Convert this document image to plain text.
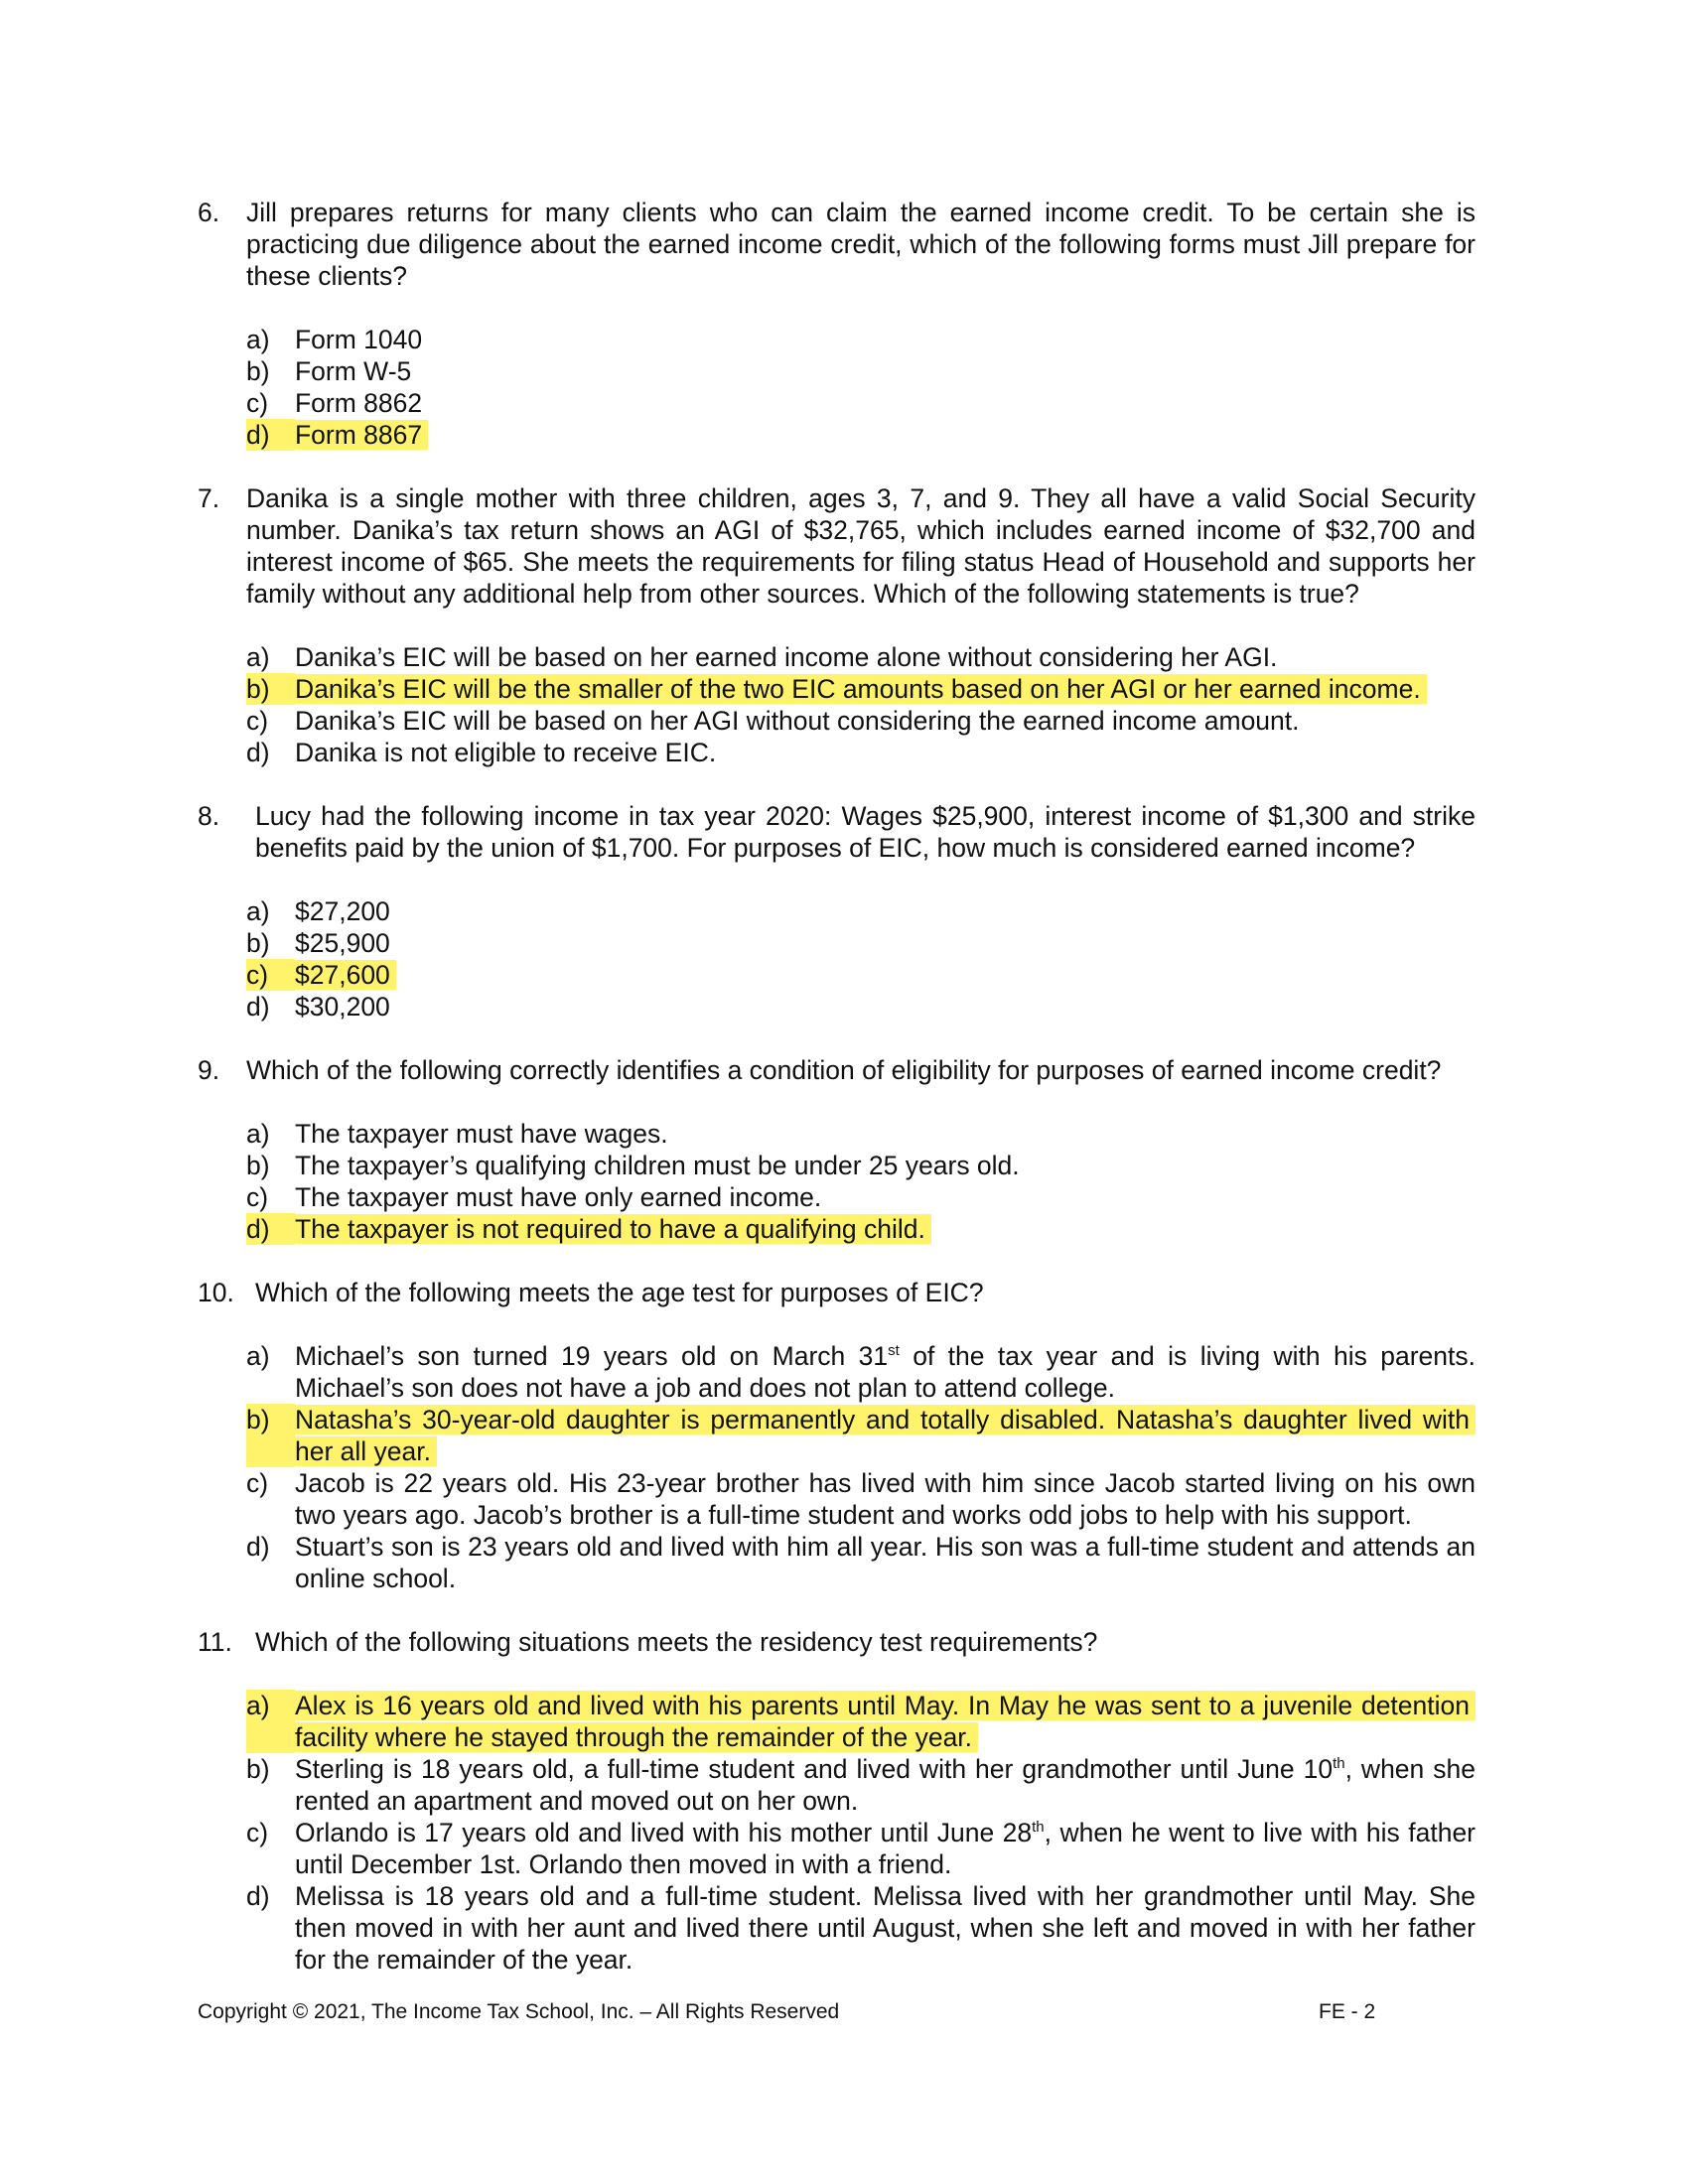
6.	Jill prepares returns for many clients who can claim the earned income credit. To be certain she is practicing due diligence about the earned income credit, which of the following forms must Jill prepare for these clients?
a) Form 1040
b) Form W-5
c)	Form 8862
d) Form 8867
7.	Danika is a single mother with three children, ages 3, 7, and 9. They all have a valid Social Security number. Danika’s tax return shows an AGI of $32,765, which includes earned income of $32,700 and interest income of $65. She meets the requirements for filing status Head of Household and supports her family without any additional help from other sources. Which of the following statements is true?
a) Danika’s EIC will be based on her earned income alone without considering her AGI.
b) Danika’s EIC will be the smaller of the two EIC amounts based on her AGI or her earned income.
c)	Danika’s EIC will be based on her AGI without considering the earned income amount.
d) Danika is not eligible to receive EIC.
8.	Lucy had the following income in tax year 2020: Wages $25,900, interest income of $1,300 and strike benefits paid by the union of $1,700. For purposes of EIC, how much is considered earned income?
a) $27,200
b) $25,900
c)	$27,600
d) $30,200
9.	Which of the following correctly identifies a condition of eligibility for purposes of earned income credit?
a) The taxpayer must have wages.
b) The taxpayer’s qualifying children must be under 25 years old.
c)	The taxpayer must have only earned income.
d) The taxpayer is not required to have a qualifying child.
10. Which of the following meets the age test for purposes of EIC?
a) Michael’s son turned 19 years old on March 31st of the tax year and is living with his parents. Michael’s son does not have a job and does not plan to attend college.
b) Natasha’s 30-year-old daughter is permanently and totally disabled. Natasha’s daughter lived with her all year.
c)	Jacob is 22 years old. His 23-year brother has lived with him since Jacob started living on his own two years ago. Jacob’s brother is a full-time student and works odd jobs to help with his support.
d) Stuart’s son is 23 years old and lived with him all year. His son was a full-time student and attends an online school.
11. Which of the following situations meets the residency test requirements?
a) Alex is 16 years old and lived with his parents until May. In May he was sent to a juvenile detention facility where he stayed through the remainder of the year.
b) Sterling is 18 years old, a full-time student and lived with her grandmother until June 10th, when she rented an apartment and moved out on her own.
c)	Orlando is 17 years old and lived with his mother until June 28th, when he went to live with his father until December 1st. Orlando then moved in with a friend.
d) Melissa is 18 years old and a full-time student. Melissa lived with her grandmother until May. She then moved in with her aunt and lived there until August, when she left and moved in with her father for the remainder of the year.
Copyright © 2021, The Income Tax School, Inc. – All Rights Reserved	FE - 2
